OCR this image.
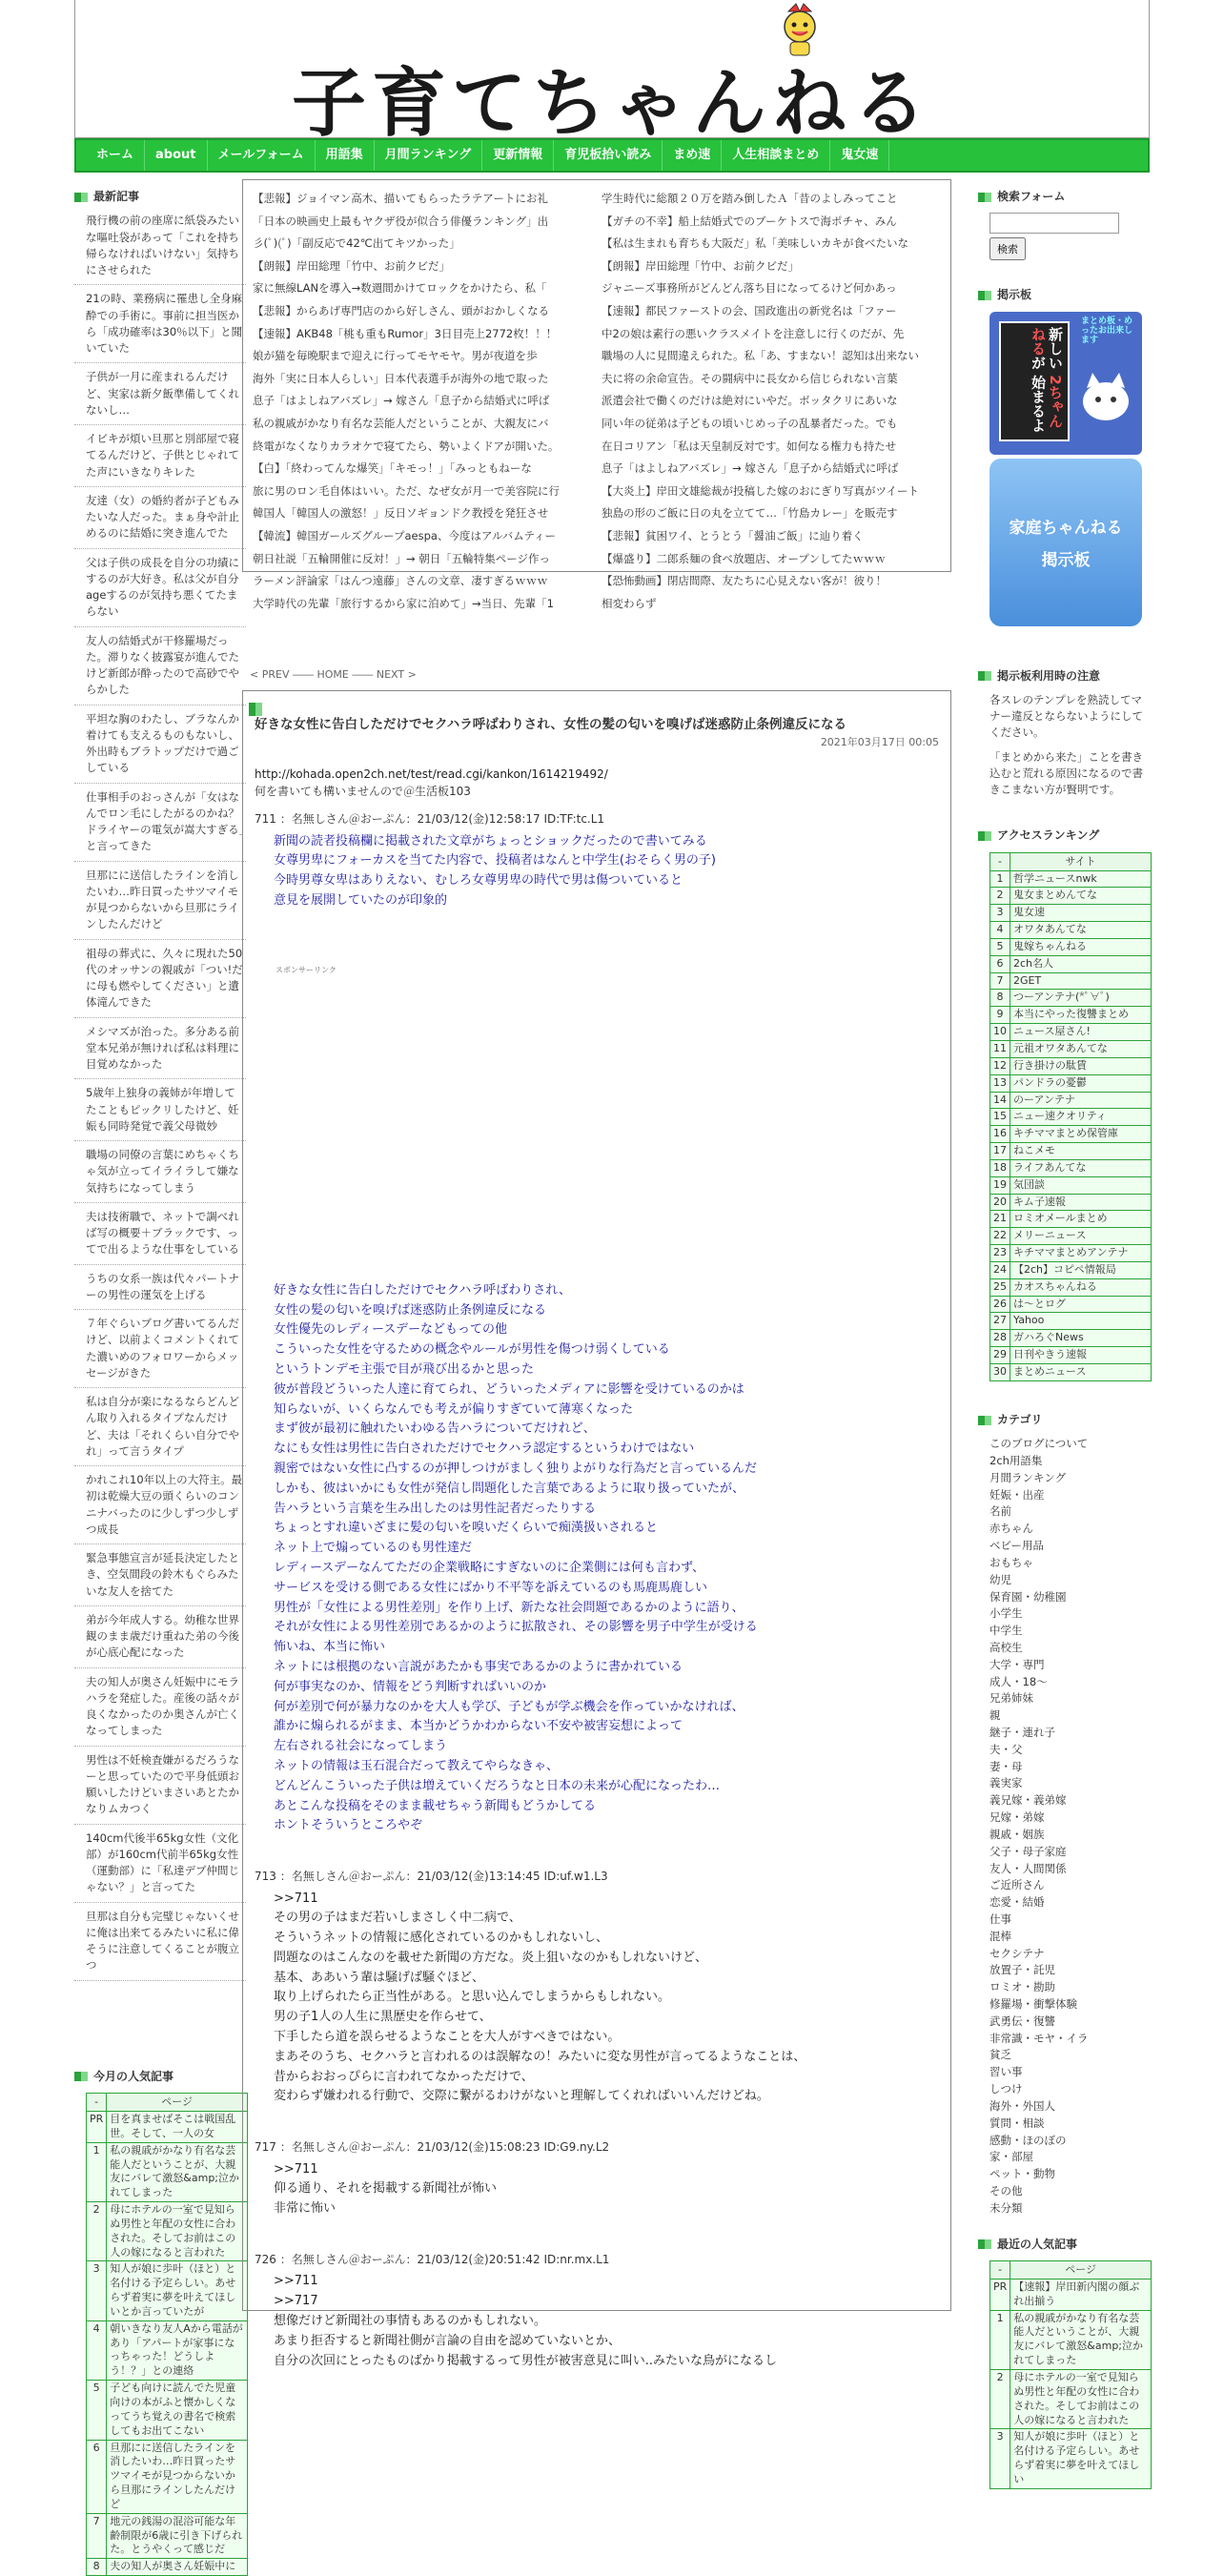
子育てちゃんねる
ホーム	about	メールフォーム	用語集	月間ランキング	更新情報	育児板拾い読み	まめ速	人生相談まとめ	鬼女速
最新記事
飛行機の前の座席に紙袋みたいな嘔吐袋があって「これを持ち帰らなければいけない」気持ちにさせられた
21の時、業務病に罹患し全身麻酔での手術に。事前に担当医から「成功確率は30％以下」と聞いていた
子供が一月に産まれるんだけど、実家は新夕飯準備してくれないし…
イビキが煩い旦那と別部屋で寝てるんだけど、子供とじゃれてた声にいきなりキレた
友達（女）の婚約者が子どもみたいな人だった。まぁ身や計止めるのに結婚に突き進んでた
父は子供の成長を自分の功績にするのが大好き。私は父が自分ageするのが気持ち悪くてたまらない
友人の結婚式が干修羅場だった。滞りなく披露宴が進んでたけど新郎が酔ったので高砂でやらかした
平坦な胸のわたし、ブラなんか着けても支えるものもないし、外出時もブラトップだけで過ごしている
仕事相手のおっさんが「女はなんでロン毛にしたがるのかね？ドライヤーの電気が嵩大すぎる」と言ってきた
旦那にに送信したラインを消したいわ…昨日買ったサツマイモが見つからないから旦那にラインしたんだけど
祖母の葬式に、久々に現れた50代のオッサンの親戚が「つい!だに母も燃やしてください」と遺体滝んできた
メシマズが治った。多分ある前堂本兄弟が無ければ私は料理に目覚めなかった
5歳年上独身の義姉が年増してたこともピックリしたけど、妊娠も同時発覚で義父母微妙
職場の同僚の言葉にめちゃくちゃ気が立ってイライラして嫌な気持ちになってしまう
夫は技術職で、ネットで調べれば写の概要＋ブラックです、ってで出るような仕事をしている
うちの女系一族は代々パートナーの男性の運気を上げる
７年ぐらいブログ書いてるんだけど、以前よくコメントくれてた濃いめのフォロワーからメッセージがきた
私は自分が楽になるならどんどん取り入れるタイプなんだけど、夫は「それくらい自分でやれ」って言うタイプ
かれこれ10年以上の大符主。最初は乾燥大豆の頭くらいのコンニナバったのに少しずつ少しずつ成長
緊急事態宣言が延長決定したとき、空気間段の鈴木もぐらみたいな友人を捨てた
弟が今年成人する。幼稚な世界観のまま歳だけ重ねた弟の今後が心底心配になった
夫の知人が奥さん妊娠中にモラハラを発症した。産後の話々が良くなかったのか奥さんが亡くなってしまった
男性は不妊検査嫌がるだろうなーと思っていたので平身低頭お願いしたけどいまさいあとたかなりムカつく
140cm代後半65kg女性（文化部）が160cm代前半65kg女性（運動部）に「私達デブ仲間じゃない？」と言ってた
旦那は自分も完璧じゃないくせに俺は出来てるみたいに私に偉そうに注意してくることが腹立つ
今月の人気記事
-	ページ
PR	目を真ませばそこは戦国乱世。そして、一人の女
1	私の親戚がかなり有名な芸能人だということが、大親友にバレて激怒&amp;泣かれてしまった
2	母にホテルの一室で見知らぬ男性と年配の女性に合わされた。そしてお前はこの人の嫁になると言われた
3	知人が娘に歩叶（ほと）と名付ける予定らしい。あせらず着実に夢を叶えてほしいとか言っていたが
4	朝いきなり友人Aから電話があり「アパートが家事になっちゃった！どうしよう！？」との連絡
5	子ども向けに読んでた児童向けの本がふと懐かしくなってうち覚えの書名で検索してもお出てこない
6	旦那にに送信したラインを消したいわ…昨日買ったサツマイモが見つからないから旦那にラインしたんだけど
7	地元の銭湯の混浴可能な年齢制限が6歳に引き下げられた。とうやくって感じだ
8	夫の知人が奥さん妊娠中に
【悲報】ジョイマン高木、描いてもらったラテアートにお礼
「日本の映画史上最もヤクザ役が似合う俳優ランキング」出
彡(ﾟ)(ﾟ)「副反応で42℃出てキツかった」
【朗報】岸田総理「竹中、お前クビだ」
家に無線LANを導入→数週間かけてロックをかけたら、私「
【悲報】からあげ専門店のから好しさん、頭がおかしくなる
【速報】AKB48「桃も重もRumor」3日目売上2772枚！！！
娘が猫を毎晩駅まで迎えに行ってモヤモヤ。男が夜道を歩
海外「実に日本人らしい」日本代表選手が海外の地で取った
息子「はよしねアバズレ」→ 嫁さん「息子から結婚式に呼ば
私の親戚がかなり有名な芸能人だということが、大親友にバ
終電がなくなりカラオケで寝てたら、勢いよくドアが開いた。
【白】「終わってんな爆笑」「キモっ！」「みっともねーな
旅に男のロン毛自体はいい。ただ、なぜ女が月一で美容院に行
韓国人「韓国人の激怒！」反日ソギョンドク教授を発狂させ
【韓流】韓国ガールズグループaespa、今度はアルバムティー
朝日社説「五輪開催に反対！」→ 朝日「五輪特集ページ作っ
ラーメン評論家「はんつ遠藤」さんの文章、凄すぎるｗｗｗ
大学時代の先輩「旅行するから家に泊めて」→当日、先輩「1
学生時代に総額２０万を踏み倒したＡ「昔のよしみってこと
【ガチの不幸】船上結婚式でのブーケトスで海ポチャ、みん
【私は生まれも育ちも大阪だ」私「美味しいカキが食べたいな
【朗報】岸田総理「竹中、お前クビだ」
ジャニーズ事務所がどんどん落ち目になってるけど何かあっ
【速報】都民ファーストの会、国政進出の新党名は「ファー
中2の娘は素行の悪いクラスメイトを注意しに行くのだが、先
職場の人に見間違えられた。私「あ、すまない！認知は出来ない
夫に将の余命宣告。その闘病中に長女から信じられない言葉
派遣会社で働くのだけは絶対にいやだ。ボッタクリにあいな
同い年の従弟は子どもの頃いじめっ子の乱暴者だった。でも
在日コリアン「私は天皇制反対です。如何なる権力も持たせ
息子「はよしねアバズレ」→ 嫁さん「息子から結婚式に呼ば
【大炎上】岸田文雄総裁が投稿した嫁のおにぎり写真がツイート
独島の形のご飯に日の丸を立てて…「竹島カレー」を販売す
【悲報】貧困ワイ、とうとう「醤油ご飯」に辿り着く
【爆盛り】二郎系麺の食べ放題店、オープンしてたｗｗｗ
【恐怖動画】閉店間際、友たちに心見えない客が！彼り！
相変わらず
< PREV ―― HOME ―― NEXT >
好きな女性に告白しただけでセクハラ呼ばわりされ、女性の髪の匂いを嗅げば迷惑防止条例違反になる
2021年03月17日 00:05
http://kohada.open2ch.net/test/read.cgi/kankon/1614219492/
何を書いても構いませんので＠生活板103
711 ：名無しさん＠おーぷん：21/03/12(金)12:58:17 ID:TF:tc.L1
新聞の読者投稿欄に掲載された文章がちょっとショックだったので書いてみる
女尊男卑にフォーカスを当てた内容で、投稿者はなんと中学生(おそらく男の子)
今時男尊女卑はありえない、むしろ女尊男卑の時代で男は傷ついていると
意見を展開していたのが印象的
スポンサーリンク
好きな女性に告白しただけでセクハラ呼ばわりされ、
女性の髪の匂いを嗅げば迷惑防止条例違反になる
女性優先のレディースデーなどもっての他
こういった女性を守るための概念やルールが男性を傷つけ弱くしている
というトンデモ主張で目が飛び出るかと思った
彼が普段どういった人達に育てられ、どういったメディアに影響を受けているのかは
知らないが、いくらなんでも考えが偏りすぎていて薄寒くなった
まず彼が最初に触れたいわゆる告ハラについてだけれど、
なにも女性は男性に告白されただけでセクハラ認定するというわけではない
親密ではない女性に凸するのが押しつけがましく独りよがりな行為だと言っているんだ
しかも、彼はいかにも女性が発信し問題化した言葉であるように取り扱っていたが、
告ハラという言葉を生み出したのは男性記者だったりする
ちょっとすれ違いざまに髪の匂いを嗅いだくらいで痴漢扱いされると
ネット上で煽っているのも男性達だ
レディースデーなんてただの企業戦略にすぎないのに企業側には何も言わず、
サービスを受ける側である女性にばかり不平等を訴えているのも馬鹿馬鹿しい
男性が「女性による男性差別」を作り上げ、新たな社会問題であるかのように語り、
それが女性による男性差別であるかのように拡散され、その影響を男子中学生が受ける
怖いね、本当に怖い
ネットには根拠のない言説があたかも事実であるかのように書かれている
何が事実なのか、情報をどう判断すればいいのか
何が差別で何が暴力なのかを大人も学び、子どもが学ぶ機会を作っていかなければ、
誰かに煽られるがまま、本当かどうかわからない不安や被害妄想によって
左右される社会になってしまう
ネットの情報は玉石混合だって教えてやらなきゃ、
どんどんこういった子供は増えていくだろうなと日本の未来が心配になったわ…
あとこんな投稿をそのまま載せちゃう新聞もどうかしてる
ホントそういうところやぞ
713 ：名無しさん＠おーぷん：21/03/12(金)13:14:45 ID:uf.w1.L3
>>711
その男の子はまだ若いしまさしく中二病で、
そういうネットの情報に感化されているのかもしれないし、
問題なのはこんなのを載せた新聞の方だな。炎上狙いなのかもしれないけど、
基本、ああいう輩は騒げば騒ぐほど、
取り上げられたら正当性がある。と思い込んでしまうからもしれない。
男の子1人の人生に黒歴史を作らせて、
下手したら道を誤らせるようなことを大人がすべきではない。
まあそのうち、セクハラと言われるのは誤解なの！みたいに変な男性が言ってるようなことは、
昔からおおっぴらに言われてなかっただけで、
変わらず嫌われる行動で、交際に繋がるわけがないと理解してくれればいいんだけどね。
717 ：名無しさん＠おーぷん：21/03/12(金)15:08:23 ID:G9.ny.L2
>>711
仰る通り、それを掲載する新聞社が怖い
非常に怖い
726 ：名無しさん＠おーぷん：21/03/12(金)20:51:42 ID:nr.mx.L1
>>711
>>717
想像だけど新聞社の事情もあるのかもしれない。
あまり拒否すると新聞社側が言論の自由を認めていないとか、
自分の次回にとったものばかり掲載するって男性が被害意見に叫い..みたいな鳥がになるし
検索フォーム

検索
掲示板
新しい 2ちゃんねるが 始まるよ
まとめ板・めったお出来します
家庭ちゃんねる
掲示板
掲示板利用時の注意

各スレのテンプレを熟読してマナー違反とならないようにしてください。

「まとめから来た」ことを書き込むと荒れる原因になるので書きこまない方が賢明です。

アクセスランキング
-	サイト
1	哲学ニュースnwk
2	鬼女まとめんてな
3	鬼女速
4	オワタあんてな
5	鬼嫁ちゃんねる
6	2ch名人
7	2GET
8	つーアンテナ(*ﾟ∀ﾟ)
9	本当にやった復讐まとめ
10	ニュース屋さん!
11	元祖オワタあんてな
12	行き掛けの駄賃
13	パンドラの憂鬱
14	のーアンテナ
15	ニュー速クオリティ
16	キチママまとめ保管庫
17	ねこメモ
18	ライフあんてな
19	気団談
20	キム子速報
21	ロミオメールまとめ
22	メリーニュース
23	キチママまとめアンテナ
24	【2ch】コピペ情報局
25	カオスちゃんねる
26	は～とログ
27	Yahoo
28	ガハろぐNews
29	日刊やきう速報
30	まとめニュース
カテゴリ
このブログについて
2ch用語集
月間ランキング
妊娠・出産
名前
赤ちゃん
ベビー用品
おもちゃ
幼児
保育園・幼稚園
小学生
中学生
高校生
大学・専門
成人・18～
兄弟姉妹
親
継子・連れ子
夫・父
妻・母
義実家
義兄嫁・義弟嫁
兄嫁・弟嫁
親戚・姻族
父子・母子家庭
友人・人間関係
ご近所さん
恋愛・結婚
仕事
混棒
セクシテナ
放置子・託児
ロミオ・勘助
修羅場・衝撃体験
武勇伝・復讐
非常識・モヤ・イラ
貧乏
習い事
しつけ
海外・外国人
質問・相談
感動・ほのぼの
家・部屋
ペット・動物
その他
未分類
最近の人気記事
-	ページ
PR	【速報】岸田新内閣の顔ぶれ出揃う
1	私の親戚がかなり有名な芸能人だということが、大親友にバレて激怒&amp;泣かれてしまった
2	母にホテルの一室で見知らぬ男性と年配の女性に合わされた。そしてお前はこの人の嫁になると言われた
3	知人が娘に歩叶（ほと）と名付ける予定らしい。あせらず着実に夢を叶えてほしい
